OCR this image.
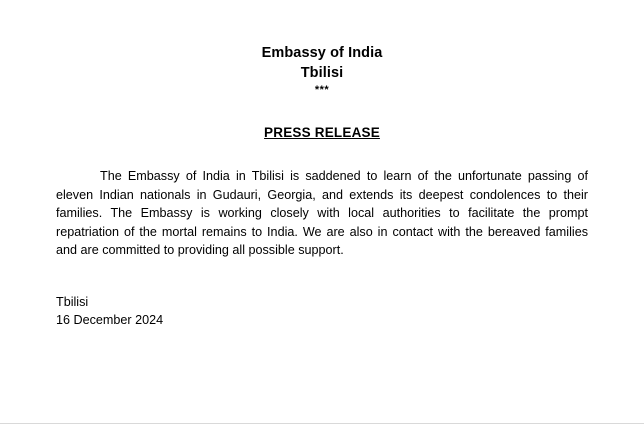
Embassy of India
Tbilisi
***
PRESS RELEASE
The Embassy of India in Tbilisi is saddened to learn of the unfortunate passing of eleven Indian nationals in Gudauri, Georgia, and extends its deepest condolences to their families. The Embassy is working closely with local authorities to facilitate the prompt repatriation of the mortal remains to India. We are also in contact with the bereaved families and are committed to providing all possible support.
Tbilisi
16 December 2024
